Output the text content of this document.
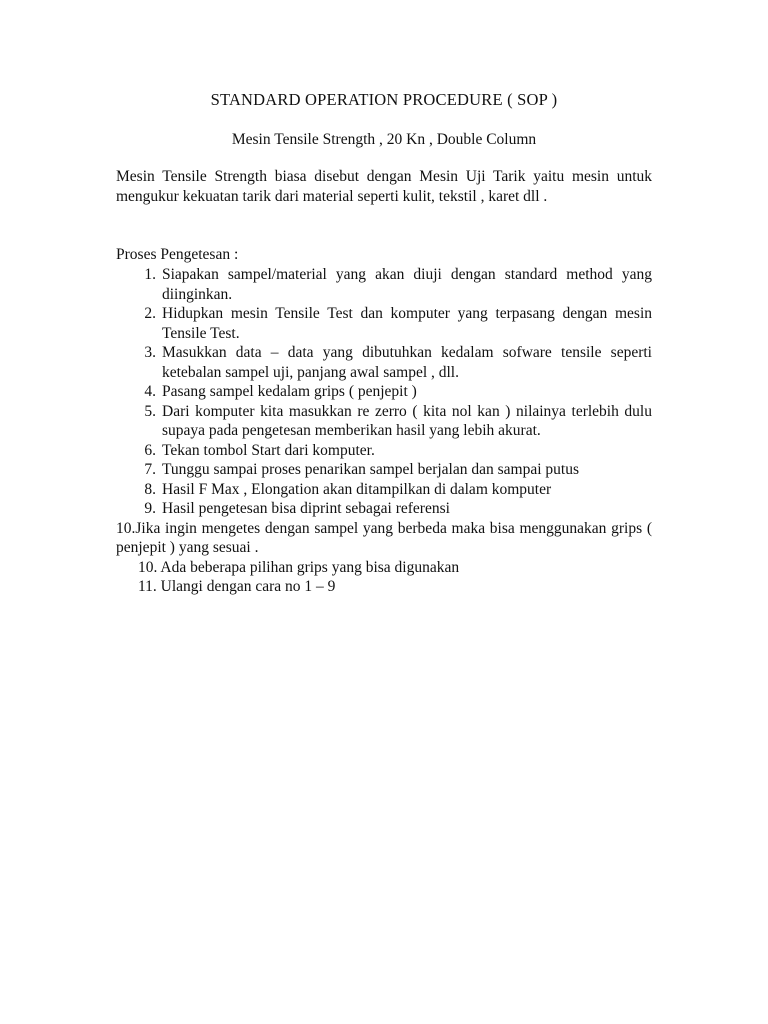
STANDARD OPERATION PROCEDURE ( SOP )
Mesin Tensile Strength , 20 Kn , Double Column

Mesin Tensile Strength biasa disebut dengan Mesin Uji Tarik yaitu mesin untuk mengukur kekuatan tarik dari material seperti kulit, tekstil , karet dll .

Proses Pengetesan :

1. Siapakan sampel/material yang akan diuji dengan standard method yang diinginkan.
2. Hidupkan mesin Tensile Test dan komputer yang terpasang dengan mesin Tensile Test.
3. Masukkan data – data yang dibutuhkan kedalam sofware tensile seperti ketebalan sampel uji, panjang awal sampel , dll.
4. Pasang sampel kedalam grips ( penjepit )
5. Dari komputer kita masukkan re zerro ( kita nol kan ) nilainya terlebih dulu supaya pada pengetesan memberikan hasil yang lebih akurat.
6. Tekan tombol Start dari komputer.
7. Tunggu sampai proses penarikan sampel berjalan dan sampai putus
8. Hasil F Max , Elongation akan ditampilkan di dalam komputer
9. Hasil pengetesan bisa diprint sebagai referensi
10.Jika ingin mengetes dengan sampel yang berbeda maka bisa menggunakan grips ( penjepit ) yang sesuai .
10. Ada beberapa pilihan grips yang bisa digunakan
11. Ulangi dengan cara no 1 – 9
